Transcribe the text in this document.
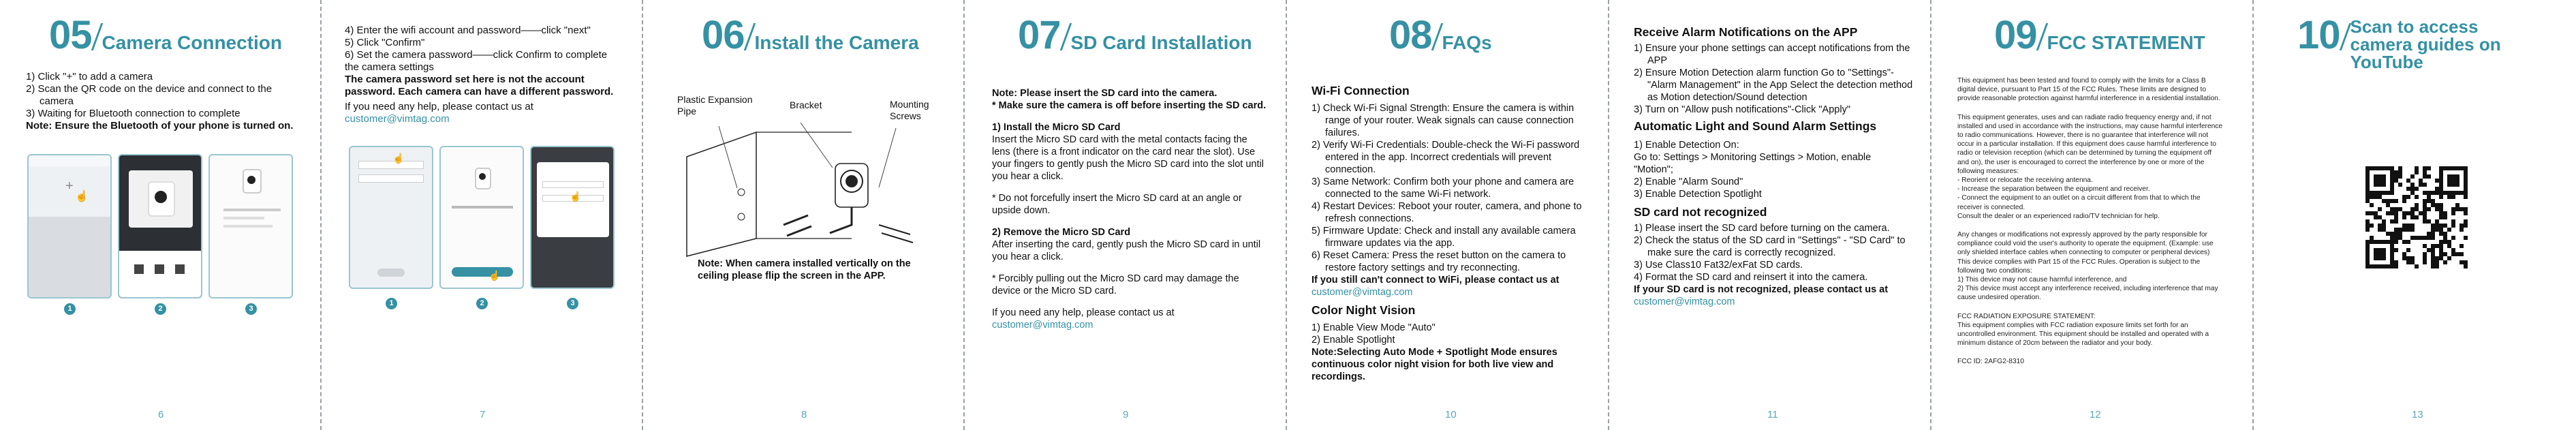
05 Camera Connection

1) Click "+" to add a camera

2) Scan the QR code on the device and connect to the camera

3) Waiting for Bluetooth connection to complete

Note: Ensure the Bluetooth of your phone is turned on.

+
☝
1	2	3
6

4) Enter the wifi account and password——click "next"

5) Click "Confirm"

6) Set the camera password——click Confirm to complete the camera settings

The camera password set here is not the account password. Each camera can have a different password.

If you need any help, please contact us at customer@vimtag.com

☝
☝
☝
1	2	3
7
06 Install the Camera
Plastic Expansion Pipe
Bracket	Mounting Screws
Note: When camera installed vertically on the ceiling please flip the screen in the APP.
8
07 SD Card Installation

Note: Please insert the SD card into the camera.

* Make sure the camera is off before inserting the SD card.

1) Install the Micro SD Card

Insert the Micro SD card with the metal contacts facing the lens (there is a front indicator on the card near the slot). Use your fingers to gently push the Micro SD card into the slot until you hear a click.

* Do not forcefully insert the Micro SD card at an angle or upside down.

2) Remove the Micro SD Card

After inserting the card, gently push the Micro SD card in until you hear a click.

* Forcibly pulling out the Micro SD card may damage the device or the Micro SD card.

If you need any help, please contact us at customer@vimtag.com

9
08 FAQs

Wi-Fi Connection

1) Check Wi-Fi Signal Strength: Ensure the camera is within range of your router. Weak signals can cause connection failures.

2) Verify Wi-Fi Credentials: Double-check the Wi-Fi password entered in the app. Incorrect credentials will prevent connection.

3) Same Network: Confirm both your phone and camera are connected to the same Wi-Fi network.

4) Restart Devices: Reboot your router, camera, and phone to refresh connections.

5) Firmware Update: Check and install any available camera firmware updates via the app.

6) Reset Camera: Press the reset button on the camera to restore factory settings and try reconnecting.

If you still can't connect to WiFi, please contact us at

customer@vimtag.com

Color Night Vision

1) Enable View Mode "Auto"

2) Enable Spotlight

Note:Selecting Auto Mode + Spotlight Mode ensures continuous color night vision for both live view and recordings.

10

Receive Alarm Notifications on the APP

1) Ensure your phone settings can accept notifications from the APP

2) Ensure Motion Detection alarm function Go to "Settings"-"Alarm Management" in the App Select the detection method as Motion detection/Sound detection

3) Turn on "Allow push notifications"-Click "Apply"

Automatic Light and Sound Alarm Settings

1) Enable Detection On:

Go to: Settings > Monitoring Settings > Motion, enable "Motion";

2) Enable "Alarm Sound"

3) Enable Detection Spotlight

SD card not recognized

1) Please insert the SD card before turning on the camera.

2) Check the status of the SD card in "Settings" - "SD Card" to make sure the card is correctly recognized.

3) Use Class10 Fat32/exFat SD cards.

4) Format the SD card and reinsert it into the camera.

If your SD card is not recognized, please contact us at

customer@vimtag.com

11
09 FCC STATEMENT

This equipment has been tested and found to comply with the limits for a Class B digital device, pursuant to Part 15 of the FCC Rules. These limits are designed to provide reasonable protection against harmful interference in a residential installation.

This equipment generates, uses and can radiate radio frequency energy and, if not installed and used in accordance with the instructions, may cause harmful interference to radio communications. However, there is no guarantee that interference will not occur in a particular installation. If this equipment does cause harmful interference to radio or television reception (which can be determined by turning the equipment off and on), the user is encouraged to correct the interference by one or more of the following measures:

- Reorient or relocate the receiving antenna.

- Increase the separation between the equipment and receiver.

- Connect the equipment to an outlet on a circuit different from that to which the receiver is connected.

Consult the dealer or an experienced radio/TV technician for help.

Any changes or modifications not expressly approved by the party responsible for compliance could void the user's authority to operate the equipment. (Example: use only shielded interface cables when connecting to computer or peripheral devices) This device complies with Part 15 of the FCC Rules. Operation is subject to the following two conditions:

1) This device may not cause harmful interference, and

2) This device must accept any interference received, including interference that may cause undesired operation.

FCC RADIATION EXPOSURE STATEMENT:

This equipment complies with FCC radiation exposure limits set forth for an uncontrolled environment. This equipment should be installed and operated with a minimum distance of 20cm between the radiator and your body.

FCC ID: 2AFG2-8310

12
10 Scan to access camera guides on YouTube
13
